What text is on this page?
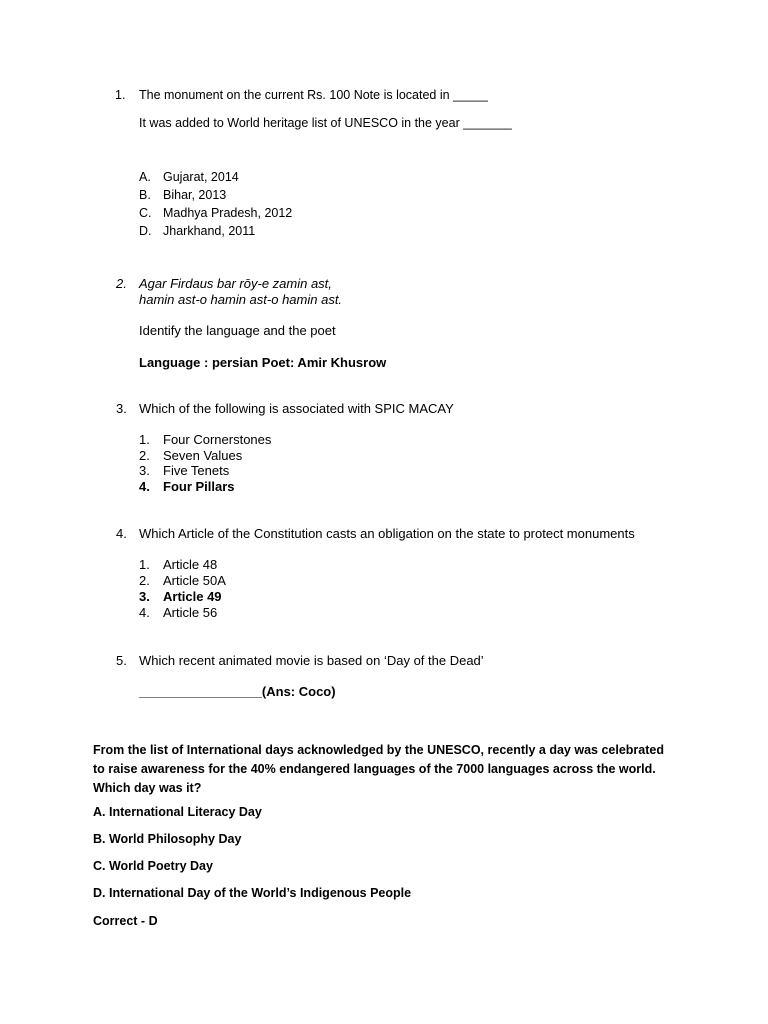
1. The monument on the current Rs. 100 Note is located in _____
It was added to World heritage list of UNESCO in the year _______
A. Gujarat, 2014
B. Bihar, 2013
C. Madhya Pradesh, 2012
D. Jharkhand, 2011
2. Agar Firdaus bar rōy-e zamin ast,
hamin ast-o hamin ast-o hamin ast.
Identify the language and the poet
Language : persian Poet: Amir Khusrow
3. Which of the following is associated with SPIC MACAY
1. Four Cornerstones
2. Seven Values
3. Five Tenets
4. Four Pillars
4. Which Article of the Constitution casts an obligation on the state to protect monuments
1. Article 48
2. Article 50A
3. Article 49
4. Article 56
5. Which recent animated movie is based on ‘Day of the Dead’
_________________(Ans: Coco)
From the list of International days acknowledged by the UNESCO, recently a day was celebrated to raise awareness for the 40% endangered languages of the 7000 languages across the world. Which day was it?
A. International Literacy Day
B. World Philosophy Day
C. World Poetry Day
D. International Day of the World’s Indigenous People
Correct - D
